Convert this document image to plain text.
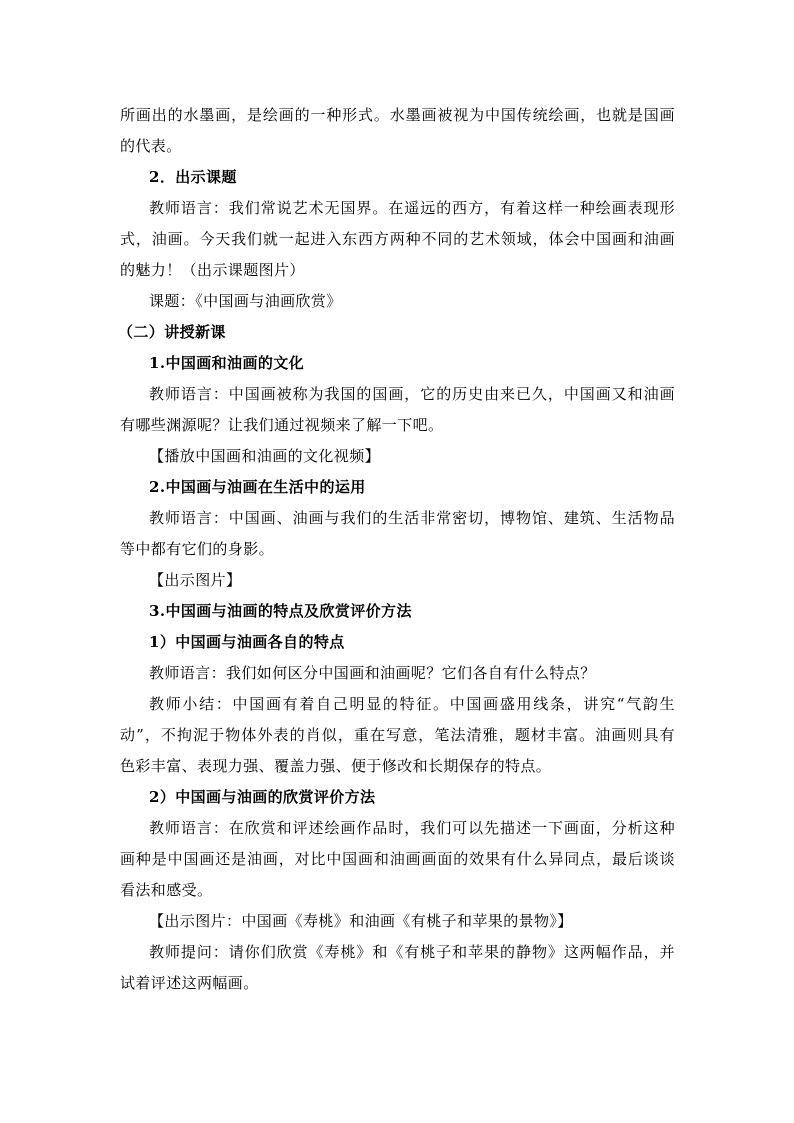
所画出的水墨画，是绘画的一种形式。水墨画被视为中国传统绘画，也就是国画
的代表。
2．出示课题
教师语言：我们常说艺术无国界。在遥远的西方，有着这样一种绘画表现形
式，油画。今天我们就一起进入东西方两种不同的艺术领域，体会中国画和油画
的魅力！（出示课题图片）
课题：《中国画与油画欣赏》
（二）讲授新课
1.中国画和油画的文化
教师语言：中国画被称为我国的国画，它的历史由来已久，中国画又和油画
有哪些渊源呢？让我们通过视频来了解一下吧。
【播放中国画和油画的文化视频】
2.中国画与油画在生活中的运用
教师语言：中国画、油画与我们的生活非常密切，博物馆、建筑、生活物品
等中都有它们的身影。
【出示图片】
3.中国画与油画的特点及欣赏评价方法
1）中国画与油画各自的特点
教师语言：我们如何区分中国画和油画呢？它们各自有什么特点？
教师小结：中国画有着自己明显的特征。中国画盛用线条，讲究“气韵生
动”，不拘泥于物体外表的肖似，重在写意，笔法清雅，题材丰富。油画则具有
色彩丰富、表现力强、覆盖力强、便于修改和长期保存的特点。
2）中国画与油画的欣赏评价方法
教师语言：在欣赏和评述绘画作品时，我们可以先描述一下画面，分析这种
画种是中国画还是油画，对比中国画和油画画面的效果有什么异同点，最后谈谈
看法和感受。
【出示图片：中国画《寿桃》和油画《有桃子和苹果的景物》】
教师提问：请你们欣赏《寿桃》和《有桃子和苹果的静物》这两幅作品，并
试着评述这两幅画。
